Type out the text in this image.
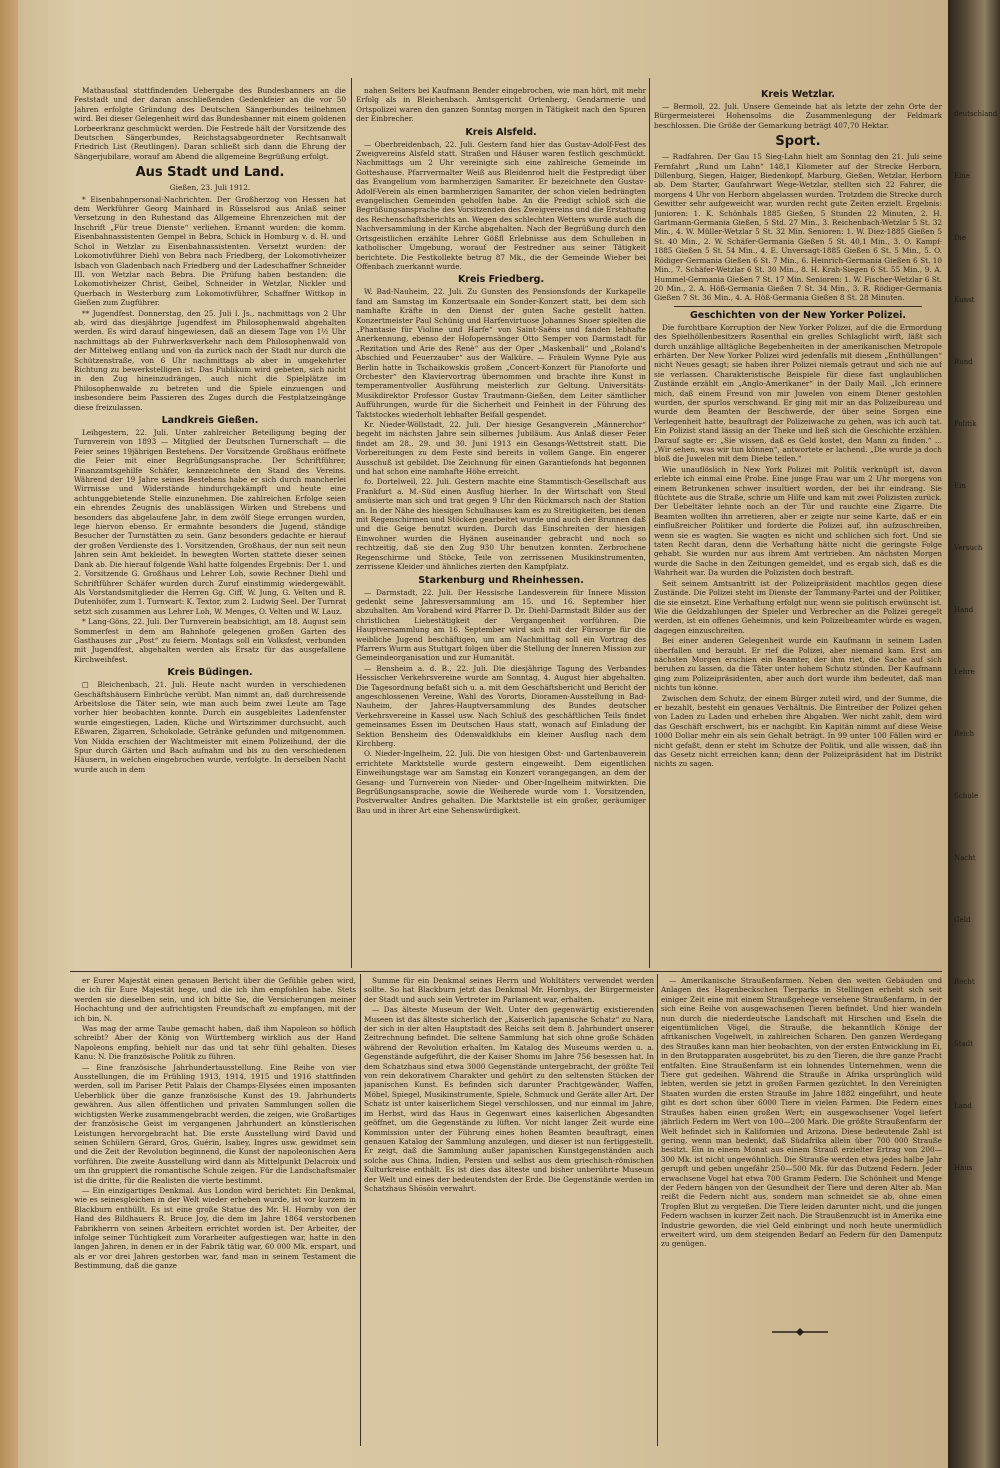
deutschland
Eine
Die
Kunst
Rund
Politik
Ein
Versuch
Hand
Lehre
Reich
Schule
Nacht
Geld
Recht
Stadt
Land
Haus

Mathausfaal stattfindenden Uebergabe des Bundesbanners an die Feststadt und der daran anschließenden Gedenkfeier an die vor 50 Jahren erfolgte Gründung des Deutschen Sängerbundes teilnehmen wird. Bei dieser Gelegenheit wird das Bundesbanner mit einem goldenen Lorbeerkranz geschmückt werden. Die Festrede hält der Vorsitzende des Deutschen Sängerbundes, Reichstagsabgeordneter Rechtsanwalt Friedrich List (Reutlingen). Daran schließt sich dann die Ehrung der Sängerjubilare, worauf am Abend die allgemeine Begrüßung erfolgt.

Aus Stadt und Land.

Gießen, 23. Juli 1912.

* Eisenbahnpersonal-Nachrichten. Der Großherzog von Hessen hat dem Werkführer Georg Mainhard in Rüsselsrod aus Anlaß seiner Versetzung in den Ruhestand das Allgemeine Ehrenzeichen mit der Inschrift „Für treue Dienste“ verliehen. Ernannt wurden: die komm. Eisenbahnassistenten Gempel in Bebra, Schick in Homburg v. d. H. und Schol in Wetzlar zu Eisenbahnassistenten. Versetzt wurden: der Lokomotivführer Diehl von Bebra nach Friedberg, der Lokomotivheizer Isbach von Gladenbach nach Friedberg und der Ladeschaffner Schneider III. von Wetzlar nach Bebra. Die Prüfung haben bestanden: die Lokomotivheizer Christ, Geibel, Schneider in Wetzlar, Nickler und Querbach in Westerburg zum Lokomotivführer, Schaffner Wittkop in Gießen zum Zugführer.

** Jugendfest. Donnerstag, den 25. Juli l. Js., nachmittags von 2 Uhr ab, wird das diesjährige Jugendfest im Philosophenwald abgehalten werden. Es wird darauf hingewiesen, daß an diesem Tage von 1½ Uhr nachmittags ab der Fuhrwerksverkehr nach dem Philosophenwald von der Mittelweg entlang und von da zurück nach der Stadt nur durch die Schützenstraße, von 6 Uhr nachmittags ab aber in umgekehrter Richtung zu bewerkstelligen ist. Das Publikum wird gebeten, sich nicht in den Zug hineinzudrängen, auch nicht die Spielplätze im Philosophenwalde zu betreten und die Spiele einzuengen und insbesondere beim Passieren des Zuges durch die Festplatzeingänge diese freizulassen.

Landkreis Gießen.

Leihgestern, 22. Juli. Unter zahlreicher Beteiligung beging der Turnverein von 1893 — Mitglied der Deutschen Turnerschaft — die Feier seines 19jährigen Bestehens. Der Vorsitzende Großhaus eröffnete die Feier mit einer Begrüßungsansprache. Der Schriftführer, Finanzamtsgehilfe Schäfer, kennzeichnete den Stand des Vereins. Während der 19 Jahre seines Bestehens habe er sich durch mancherlei Wirrnisse und Widerstände hindurchgekämpft und heute eine achtunggebietende Stelle einzunehmen. Die zahlreichen Erfolge seien ein ehrendes Zeugnis des unablässigen Wirken und Strebens und besonders das abgelaufene Jahr, in dem zwölf Siege errungen wurden, lege hiervon ebenso. Er ermahnte besonders die Jugend, ständige Besucher der Turnstätten zu sein. Ganz besonders gedachte er hierauf der großen Verdienste des 1. Vorsitzenden, Großhaus, der nun seit neun Jahren sein Amt bekleidet. In bewegten Worten stattete dieser seinen Dank ab. Die hierauf folgende Wahl hatte folgendes Ergebnis: Der 1. und 2. Vorsitzende G. Großhaus und Lehrer Loh, sowie Rechner Diehl und Schriftführer Schäfer wurden durch Zuruf einstimmig wiedergewählt. Als Vorstandsmitglieder die Herren Gg. Ciff, W. Jung, G. Velten und R. Dutenhöfer, zum 1. Turnwart: K. Textor, zum 2. Ludwig Seel. Der Turnrat setzt sich zusammen aus Lehrer Loh, W. Menges, O. Velten und W. Lauz.

* Lang-Göns, 22. Juli. Der Turnverein beabsichtigt, am 18. August sein Sommerfest in dem am Bahnhofe gelegenen großen Garten des Gasthauses zur „Post“ zu feiern. Montags soll ein Volksfest, verbunden mit Jugendfest, abgehalten werden als Ersatz für das ausgefallene Kirchweihfest.

Kreis Büdingen.

□ Bleichenbach, 21. Juli. Heute nacht wurden in verschiedenen Geschäftshäusern Einbrüche verübt. Man nimmt an, daß durchreisende Arbeitslose die Täter sein, wie man auch beim zwei Leute am Tage vorher hier beobachten konnte. Durch ein ausgebleites Ladenfenster wurde eingestiegen, Laden, Küche und Wirtszimmer durchsucht, auch Eßwaren, Zigarren, Schokolade, Getränke gefunden und mitgenommen. Von Nidda erschien der Wachtmeister mit einem Polizeihund, der die Spur durch Gärten und Bach aufnahm und bis zu den verschiedenen Häusern, in welchen eingebrochen wurde, verfolgte. In derselben Nacht wurde auch in dem

nahen Selters bei Kaufmann Bender eingebrochen, wie man hört, mit mehr Erfolg als in Bleichenbach. Amtsgericht Ortenberg, Gendarmerie und Ortspolizei waren den ganzen Sonntag morgen in Tätigkeit nach den Spuren der Einbrecher.

Kreis Alsfeld.

— Oberbreidenbach, 22. Juli. Gestern fand hier das Gustav-Adolf-Fest des Zweigvereins Alsfeld statt. Straßen und Häuser waren festlich geschmückt. Nachmittags um 2 Uhr vereinigte sich eine zahlreiche Gemeinde im Gotteshause. Pfarrvermalter Weiß aus Bleidenrod hielt die Festpredigt über das Evangelium vom barmherzigen Samariter. Er bezeichnete den Gustav-Adolf-Verein als einen barmherzigen Samariter, der schon vielen bedrängten evangelischen Gemeinden geholfen habe. An die Predigt schloß sich die Begrüßungsansprache des Vorsitzenden des Zweigvereins und die Erstattung des Rechenschaftsberichts an. Wegen des schlechten Wetters wurde auch die Nachversammlung in der Kirche abgehalten. Nach der Begrüßung durch den Ortsgeistlichen erzählte Lehrer Gößfl Erlebnisse aus dem Schulleben in katholischer Umgebung, worauf der Festredner aus seiner Tätigkeit berichtete. Die Festkollekte betrug 87 Mk., die der Gemeinde Wieber bei Offenbach zuerkannt wurde.

Kreis Friedberg.

W. Bad-Nauheim, 22. Juli. Zu Gunsten des Pensionsfonds der Kurkapelle fand am Samstag im Konzertsaale ein Sonder-Konzert statt, bei dem sich namhafte Kräfte in den Dienst der guten Sache gestellt hatten. Konzertmeister Paul Schünig und Harfenvirtuose Johannes Snoer spielten die „Phantasie für Violine und Harfe“ von Saint-Saëns und fanden lebhafte Anerkennung, ebenso der Hofopernsänger Otto Semper von Darmstadt für „Rezitation und Arie des Renè“ aus der Oper „Maskenball“ und „Roland's Abschied und Feuerzauber“ aus der Walküre. — Fräulein Wynne Pyle aus Berlin hatte in Tschaikowskis großem „Concert-Konzert für Pianoforte und Orchester“ den Klaviervortrag übernommen und brachte ihre Kunst in temperamentvoller Ausführung meisterlich zur Geltung. Universitäts-Musikdirektor Professor Gustav Trautmann-Gießen, dem Leiter sämtlicher Aufführungen, wurde für die Sicherheit und Feinheit in der Führung des Taktstockes wiederholt lebhafter Beifall gespendet.

Kr. Nieder-Wöllstadt, 22. Juli. Der hiesige Gesangverein „Männerchor“ begeht im nächsten Jahre sein silbernes Jubiläum. Aus Anlaß dieser Feier findet am 28., 29. und 30. Juni 1913 ein Gesangs-Wettstreit statt. Die Vorbereitungen zu dem Feste sind bereits in vollem Gange. Ein engerer Ausschuß ist gebildet. Die Zeichnung für einen Garantiefonds hat begonnen und hat schon eine namhafte Höhe erreicht.

fo. Dortelweil, 22. Juli. Gestern machte eine Stammtisch-Gesellschaft aus Frankfurt a. M.-Süd einen Ausflug hierher. In der Wirtschaft von Steul amüsierte man sich und trat gegen 9 Uhr den Rückmarsch nach der Station an. In der Nähe des hiesigen Schulhauses kam es zu Streitigkeiten, bei denen mit Regenschirmen und Stöcken gearbeitet wurde und auch der Brunnen daß und die Geige benutzt wurden. Durch das Einschreiten der hiesigen Einwohner wurden die Hyänen auseinander gebracht und noch so rechtzeitig, daß sie den Zug 930 Uhr benutzen konnten. Zerbrochene Regenschirme und Stöcke, Teile von zerrissenen Musikinstrumenten, zerrissene Kleider und ähnliches zierten den Kampfplatz.

Starkenburg und Rheinhessen.

— Darmstadt, 22. Juli. Der Hessische Landesverein für Innere Mission gedenkt seine Jahresversammlung am 15. und 16. September hier abzuhalten. Am Vorabend wird Pfarrer D. Dr. Diehl-Darmstadt Bilder aus der christlichen Liebestätigkeit der Vergangenheit vorführen. Die Hauptversammlung am 16. September wird sich mit der Fürsorge für die weibliche Jugend beschäftigen, um am Nachmittag soll ein Vortrag des Pfarrers Wurm aus Stuttgart folgen über die Stellung der Inneren Mission zur Gemeindeorganisation und zur Humanität.

— Bensheim a. d. B., 22. Juli. Die diesjährige Tagung des Verbandes Hessischer Verkehrsvereine wurde am Sonntag, 4. August hier abgehalten. Die Tagesordnung befaßt sich u. a. mit dem Geschäftsbericht und Bericht der angeschlossenen Vereine, Wahl des Vororts, Dioramen-Ausstellung in Bad-Nauheim, der Jahres-Hauptversammlung des Bundes deutscher Verkehrsvereine in Kassel usw. Nach Schluß des geschäftlichen Teils findet gemeinsames Essen im Deutschen Haus statt, wonach auf Einladung der Sektion Bensheim des Odenwaldklubs ein kleiner Ausflug nach dem Kirchberg.

O. Nieder-Ingelheim, 22. Juli. Die von hiesigen Obst- und Gartenbauverein errichtete Marktstelle wurde gestern eingeweiht. Dem eigentlichen Einweihungstage war am Samstag ein Konzert vorangegangen, an dem der Gesang- und Turnverein von Nieder- und Ober-Ingelheim mitwirkten. Die Begrüßungsansprache, sowie die Weiherede wurde vom 1. Vorsitzenden, Postverwalter Andres gehalten. Die Marktstelle ist ein großer, geräumiger Bau und in ihrer Art eine Sehenswürdigkeit.

Kreis Wetzlar.

— Bermoll, 22. Juli. Unsere Gemeinde hat als letzte der zehn Orte der Bürgermeisterei Hohensolms die Zusammenlegung der Feldmark beschlossen. Die Größe der Gemarkung beträgt 407,70 Hektar.

Sport.

— Radfahren. Der Gau 15 Sieg-Lahn hielt am Sonntag den 21. Juli seine Fernfahrt „Rund um Lahn“ 148,1 Kilometer auf der Strecke Herborn, Dillenburg, Siegen, Haiger, Biedenkopf, Marburg, Gießen, Wetzlar, Herborn ab. Dem Starter, Gaufahrwart Wege-Wetzlar, stellten sich 22 Fahrer, die morgens 4 Uhr von Herborn abgelassen wurden. Trotzdem die Strecke durch Gewitter sehr aufgeweicht war, wurden recht gute Zeiten erzielt. Ergebnis: Junioren: 1. K. Schönhals 1885 Gießen, 5 Stunden 22 Minuten, 2. H. Gartmann-Germania Gießen, 5 Std. 27 Min., 3. Reichenbach-Wetzlar 5 St. 32 Min., 4. W. Müller-Wetzlar 5 St. 32 Min. Senioren: 1. W. Diez-1885 Gießen 5 St. 40 Min., 2. W. Schäfer-Germania Gießen 5 St. 40,1 Min., 3. O. Kampf-1885 Gießen 5 St. 54 Min., 4. E. Unversagt-1885 Gießen 6 St. 5 Min., 5. O. Rödiger-Germania Gießen 6 St. 7 Min., 6. Heinrich-Germania Gießen 6 St. 10 Min., 7. Schäfer-Wetzlar 6 St. 30 Min., 8. H. Krah-Siegen 6 St. 55 Min., 9. A. Hummel-Germania Gießen 7 St. 17 Min. Senioren: 1. W. Fischer-Wetzlar 6 St. 20 Min., 2. A. Höß-Germania Gießen 7 St. 34 Min., 3. R. Rödiger-Germania Gießen 7 St. 36 Min., 4. A. Höß-Germania Gießen 8 St. 28 Minuten.

Geschichten von der New Yorker Polizei.

Die furchtbare Korruption der New Yorker Polizei, auf die die Ermordung des Spielhöllenbesitzers Rosenthal ein grelles Schlaglicht wirft, läßt sich durch unzählige alltägliche Begebenheiten in der amerikanischen Metropole erhärten. Der New Yorker Polizei wird jedenfalls mit diesem „Enthüllungen“ nicht Neues gesagt; sie haben ihrer Polizei niemals getraut und sich nie auf sie verlassen. Charakteristische Beispiele für diese fast unglaublichen Zustände erzählt ein „Anglo-Amerikaner“ in der Daily Mail. „Ich erinnere mich, daß einem Freund von mir Juwelen von einem Diener gestohlen wurden, der spurlos verschwand. Er ging mit mir an das Polizeibureau und wurde dem Beamten der Beschwerde, der über seine Sorgen eine Verlegenheit hatte, beauftragt der Polizeiwache zu gehen, was ich auch tat. Ein Polizist stand lässig an der Theke und ließ sich die Geschichte erzählen. Darauf sagte er: „Sie wissen, daß es Geld kostet, den Mann zu finden.“ ... „Wir sehen, was wir tun können“, antwortete er lachend. „Die wurde ja doch bloß die Juwelen mit dem Diebe teilen.“

Wie unauflöslich in New York Polizei mit Politik verknüpft ist, davon erlebte ich einmal eine Probe. Eine junge Frau war um 2 Uhr morgens von einem Betrunkenen schwer insultiert worden, der bei ihr eindrang. Sie flüchtete aus die Straße, schrie um Hilfe und kam mit zwei Polizisten zurück. Der Uebeltäter lehnte noch an der Tür und rauchte eine Zigarre. Die Beamten wollten ihn arretieren, aber er zeigte nur seine Karte, daß er ein einflußreicher Politiker und forderte die Polizei auf, ihn aufzuschreiben, wenn sie es wagten. Sie wagten es nicht und schlichen sich fort. Und sie taten Recht daran, denn die Verhaftung hätte nicht die geringste Folge gehabt. Sie wurden nur aus ihrem Amt vertrieben. Am nächsten Morgen wurde die Sache in den Zeitungen gemeldet, und es ergab sich, daß es die Wahrheit war. Da wurden die Polizisten doch bestraft.

Seit seinem Amtsantritt ist der Polizeipräsident machtlos gegen diese Zustände. Die Polizei steht im Dienste der Tammany-Partei und der Politiker, die sie einsetzt. Eine Verhaftung erfolgt nur, wenn sie politisch erwünscht ist. Wie die Geldzahlungen der Spieler und Verbrecher an die Polizei geregelt werden, ist ein offenes Geheimnis, und kein Polizeibeamter würde es wagen, dagegen einzuschreiten.

Bei einer anderen Gelegenheit wurde ein Kaufmann in seinem Laden überfallen und beraubt. Er rief die Polizei, aber niemand kam. Erst am nächsten Morgen erschien ein Beamter, der ihm riet, die Sache auf sich beruhen zu lassen, da die Täter unter hohem Schutz stünden. Der Kaufmann ging zum Polizeipräsidenten, aber auch dort wurde ihm bedeutet, daß man nichts tun könne.

Zwischen dem Schutz, der einem Bürger zuteil wird, und der Summe, die er bezahlt, besteht ein genaues Verhältnis. Die Eintreiber der Polizei gehen von Laden zu Laden und erheben ihre Abgaben. Wer nicht zahlt, dem wird das Geschäft erschwert, bis er nachgibt. Ein Kapitän nimmt auf diese Weise 1000 Dollar mehr ein als sein Gehalt beträgt. In 99 unter 100 Fällen wird er nicht gefaßt, denn er steht im Schutze der Politik, und alle wissen, daß ihn das Gesetz nicht erreichen kann; denn der Polizeipräsident hat im Distrikt nichts zu sagen.

er Eurer Majestät einen genauen Bericht über die Gefühle geben wird, die ich für Eure Majestät hege, und die ich ihm empfohlen habe. Stets werden sie dieselben sein, und ich bitte Sie, die Versicherungen meiner Hochachtung und der aufrichtigsten Freundschaft zu empfangen, mit der ich bin, N.

Was mag der arme Taube gemacht haben, daß ihm Napoleon so höflich schreibt? Aber der König von Württemberg wirklich aus der Hand Napoleons empfing, behielt nur das und tat sehr fühl gehalten. Dieses Kanu: N. Die französische Politik zu führen.

— Eine französische Jahrhundertausstellung. Eine Reihe von vier Ausstellungen, die im Frühling 1913, 1914, 1915 und 1916 stattfinden werden, soll im Pariser Petit Palais der Champs-Elysées einen imposanten Ueberblick über die ganze französische Kunst des 19. Jahrhunderts gewähren. Aus allen öffentlichen und privaten Sammlungen sollen die wichtigsten Werke zusammengebracht werden, die zeigen, wie Großartiges der französische Geist im vergangenen Jahrhundert an künstlerischen Leistungen hervorgebracht hat. Die erste Ausstellung wird David und seinen Schülern Gérard, Gros, Guérin, Isabey, Ingres usw. gewidmet sein und die Zeit der Revolution beginnend, die Kunst der napoleonischen Aera vorführen. Die zweite Ausstellung wird dann als Mittelpunkt Delacroix und um ihn gruppiert die romantische Schule zeigen. Für die Landschaftsmaler ist die dritte, für die Realisten die vierte bestimmt.

— Ein einzigartiges Denkmal. Aus London wird berichtet: Ein Denkmal, wie es seinesgleichen in der Welt wieder erheben wurde, ist vor kurzem in Blackburn enthüllt. Es ist eine große Statue des Mr. H. Hornby von der Hand des Bildhauers R. Bruce Joy, die dem im Jahre 1864 verstorbenen Fabrikherrn von seinen Arbeitern errichtet worden ist. Der Arbeiter, der infolge seiner Tüchtigkeit zum Vorarbeiter aufgestiegen war, hatte in den langen Jahren, in denen er in der Fabrik tätig war, 60 000 Mk. erspart, und als er vor drei Jahren gestorben war, fand man in seinem Testament die Bestimmung, daß die ganze

Summe für ein Denkmal seines Herrn und Wohltäters verwendet werden sollte. So hat Blackburn jetzt das Denkmal Mr. Hornbys, der Bürgermeister der Stadt und auch sein Vertreter im Parlament war, erhalten.

— Das älteste Museum der Welt. Unter den gegenwärtig existierenden Museen ist das älteste sicherlich der „Kaiserlich japanische Schatz“ zu Nara, der sich in der alten Hauptstadt des Reichs seit dem 8. Jahrhundert unserer Zeitrechnung befindet. Die seltene Sammlung hat sich ohne große Schäden während der Revolution erhalten. Im Katalog des Museums werden u. a. Gegenstände aufgeführt, die der Kaiser Shomu im Jahre 756 besessen hat. In dem Schatzhaus sind etwa 3000 Gegenstände untergebracht, der größte Teil von rein dekorativem Charakter und gehört zu den seltensten Stücken der japanischen Kunst. Es befinden sich darunter Prachtgewänder, Waffen, Möbel, Spiegel, Musikinstrumente, Spiele, Schmuck und Geräte aller Art. Der Schatz ist unter kaiserlichem Siegel verschlossen, und nur einmal im Jahre, im Herbst, wird das Haus in Gegenwart eines kaiserlichen Abgesandten geöffnet, um die Gegenstände zu lüften. Vor nicht langer Zeit wurde eine Kommission unter der Führung eines hohen Beamten beauftragt, einen genauen Katalog der Sammlung anzulegen, und dieser ist nun fertiggestellt. Er zeigt, daß die Sammlung außer japanischen Kunstgegenständen auch solche aus China, Indien, Persien und selbst aus dem griechisch-römischen Kulturkreise enthält. Es ist dies das älteste und bisher unberührte Museum der Welt und eines der bedeutendsten der Erde. Die Gegenstände werden im Schatzhaus Shōsōin verwahrt.

— Amerikanische Straußenfarmen. Neben den weiten Gebäuden und Anlagen des Hagenbeckschen Tierparks in Stellingen erhebt sich seit einiger Zeit eine mit einem Straußgehege versehene Straußenfarm, in der sich eine Reihe von ausgewachsenen Tieren befindet. Und hier wandeln nun durch die niederdeutsche Landschaft mit Hirschen und Eseln die eigentümlichen Vögel, die Strauße, die bekanntlich Könige der afrikanischen Vogelwelt, in zahlreichen Scharen. Den ganzen Werdegang des Straußes kann man hier beobachten, von der ersten Entwicklung im Ei, in den Brutapparaten ausgebrütet, bis zu den Tieren, die ihre ganze Pracht entfalten. Eine Straußenfarm ist ein lohnendes Unternehmen, wenn die Tiere gut gedeihen. Während die Strauße in Afrika ursprünglich wild lebten, werden sie jetzt in großen Farmen gezüchtet. In den Vereinigten Staaten wurden die ersten Strauße im Jahre 1882 eingeführt, und heute gibt es dort schon über 6000 Tiere in vielen Farmen. Die Federn eines Straußes haben einen großen Wert; ein ausgewachsener Vogel liefert jährlich Federn im Wert von 100—200 Mark. Die größte Straußenfarm der Welt befindet sich in Kalifornien und Arizona. Diese bedeutende Zahl ist gering, wenn man bedenkt, daß Südafrika allein über 700 000 Strauße besitzt. Ein in einem Monat aus einem Strauß erzielter Ertrag von 200—300 Mk. ist nicht ungewöhnlich. Die Strauße werden etwa jedes halbe Jahr gerupft und geben ungefähr 250—500 Mk. für das Dutzend Federn. Jeder erwachsene Vogel hat etwa 700 Gramm Federn. Die Schönheit und Menge der Federn hängen von der Gesundheit der Tiere und deren Alter ab. Man reißt die Federn nicht aus, sondern man schneidet sie ab, ohne einen Tropfen Blut zu vergießen. Die Tiere leiden darunter nicht, und die jungen Federn wachsen in kurzer Zeit nach. Die Straußenzucht ist in Amerika eine Industrie geworden, die viel Geld einbringt und noch heute unermüdlich erweitert wird, um dem steigenden Bedarf an Federn für den Damenputz zu genügen.
